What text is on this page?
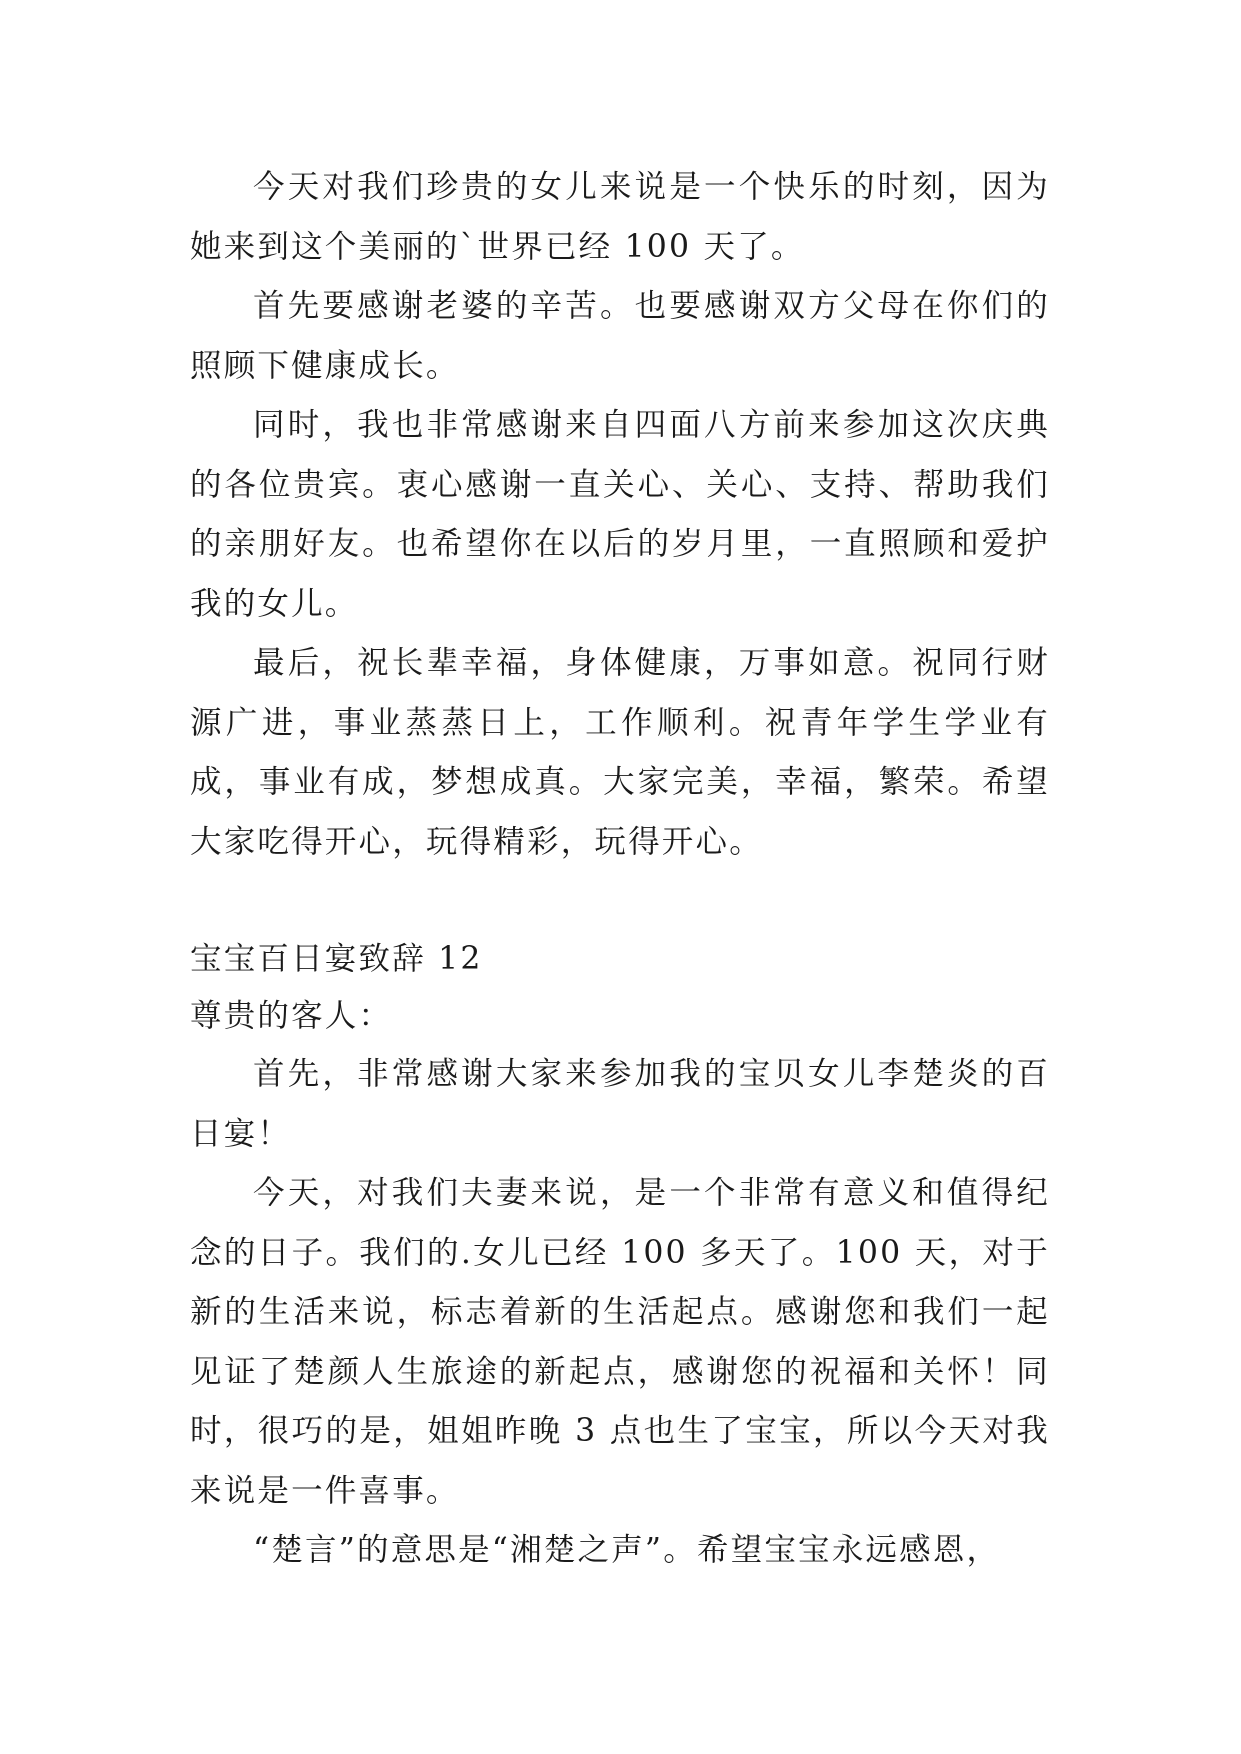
今天对我们珍贵的女儿来说是一个快乐的时刻，因为她来到这个美丽的`世界已经 100 天了。

首先要感谢老婆的辛苦。也要感谢双方父母在你们的照顾下健康成长。

同时，我也非常感谢来自四面八方前来参加这次庆典的各位贵宾。衷心感谢一直关心、关心、支持、帮助我们的亲朋好友。也希望你在以后的岁月里，一直照顾和爱护我的女儿。

最后，祝长辈幸福，身体健康，万事如意。祝同行财源广进，事业蒸蒸日上，工作顺利。祝青年学生学业有成，事业有成，梦想成真。大家完美，幸福，繁荣。希望大家吃得开心，玩得精彩，玩得开心。

宝宝百日宴致辞 12

尊贵的客人：

首先，非常感谢大家来参加我的宝贝女儿李楚炎的百日宴！

今天，对我们夫妻来说，是一个非常有意义和值得纪念的日子。我们的.女儿已经 100 多天了。100 天，对于新的生活来说，标志着新的生活起点。感谢您和我们一起见证了楚颜人生旅途的新起点，感谢您的祝福和关怀！同时，很巧的是，姐姐昨晚 3 点也生了宝宝，所以今天对我来说是一件喜事。

“楚言”的意思是“湘楚之声”。希望宝宝永远感恩，
